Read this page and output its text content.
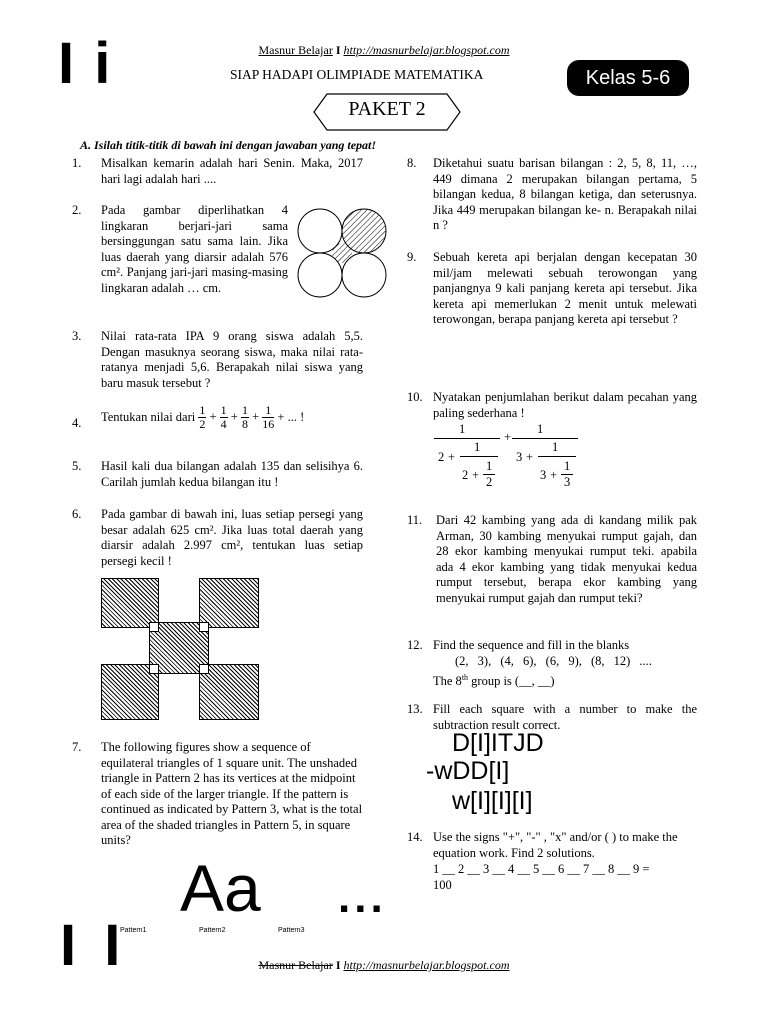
I i	Masnur Belajar I http://masnurbelajar.blogspot.com
SIAP HADAPI OLIMPIADE MATEMATIKA	Kelas 5-6
PAKET 2
A. Isilah titik-titik di bawah ini dengan jawaban yang tepat!
1. Misalkan kemarin adalah hari Senin. Maka, 2017 hari lagi adalah hari ....
2. Pada gambar diperlihatkan 4 lingkaran berjari-jari sama bersinggungan satu sama lain. Jika luas daerah yang diarsir adalah 576 cm². Panjang jari-jari masing-masing lingkaran adalah … cm.
3. Nilai rata-rata IPA 9 orang siswa adalah 5,5. Dengan masuknya seorang siswa, maka nilai rata-ratanya menjadi 5,6. Berapakah nilai siswa yang baru masuk tersebut ?
4. Tentukan nilai dari $\frac{1}{2} + \frac{1}{4} + \frac{1}{8} + \frac{1}{16}$ + ... !
5. Hasil kali dua bilangan adalah 135 dan selisihya 6. Carilah jumlah kedua bilangan itu !
6. Pada gambar di bawah ini, luas setiap persegi yang besar adalah 625 cm². Jika luas total daerah yang diarsir adalah 2.997 cm², tentukan luas setiap persegi kecil !
7. The following figures show a sequence of equilateral triangles of 1 square unit. The unshaded triangle in Pattern 2 has its vertices at the midpoint of each side of the larger triangle. If the pattern is continued as indicated by Pattern 3, what is the total area of the shaded triangles in Pattern 5, in square units?
Aa ...
Pattern1	Pattern2	Pattern3
8. Diketahui suatu barisan bilangan : 2, 5, 8, 11, …, 449 dimana 2 merupakan bilangan pertama, 5 bilangan kedua, 8 bilangan ketiga, dan seterusnya. Jika 449 merupakan bilangan ke- n. Berapakah nilai n ?
9. Sebuah kereta api berjalan dengan kecepatan 30 mil/jam melewati sebuah terowongan yang panjangnya 9 kali panjang kereta api tersebut. Jika kereta api memerlukan 2 menit untuk melewati terowongan, berapa panjang kereta api tersebut ?
10. Nyatakan penjumlahan berikut dalam pecahan yang paling sederhana !
1
+
1
2 +
1
2 +
1
2
3 +
1
3 +
1
3
11. Dari 42 kambing yang ada di kandang milik pak Arman, 30 kambing menyukai rumput gajah, dan 28 ekor kambing menyukai rumput teki. apabila ada 4 ekor kambing yang tidak menyukai kedua rumput tersebut, berapa ekor kambing yang menyukai rumput gajah dan rumput teki?
12. Find the sequence and fill in the blanks
(2, 3), (4, 6), (6, 9), (8, 12) ....
The 8th group is (__, __)
13. Fill each square with a number to make the subtraction result correct.
D[I]ITJD
-wDD[I]
w[I][I][I]
14. Use the signs "+", "-" , "x" and/or ( ) to make the equation work. Find 2 solutions.
1 __ 2 __ 3 __ 4 __ 5 __ 6 __ 7 __ 8 __ 9 =
100
I I	Masnur Belajar I http://masnurbelajar.blogspot.com
